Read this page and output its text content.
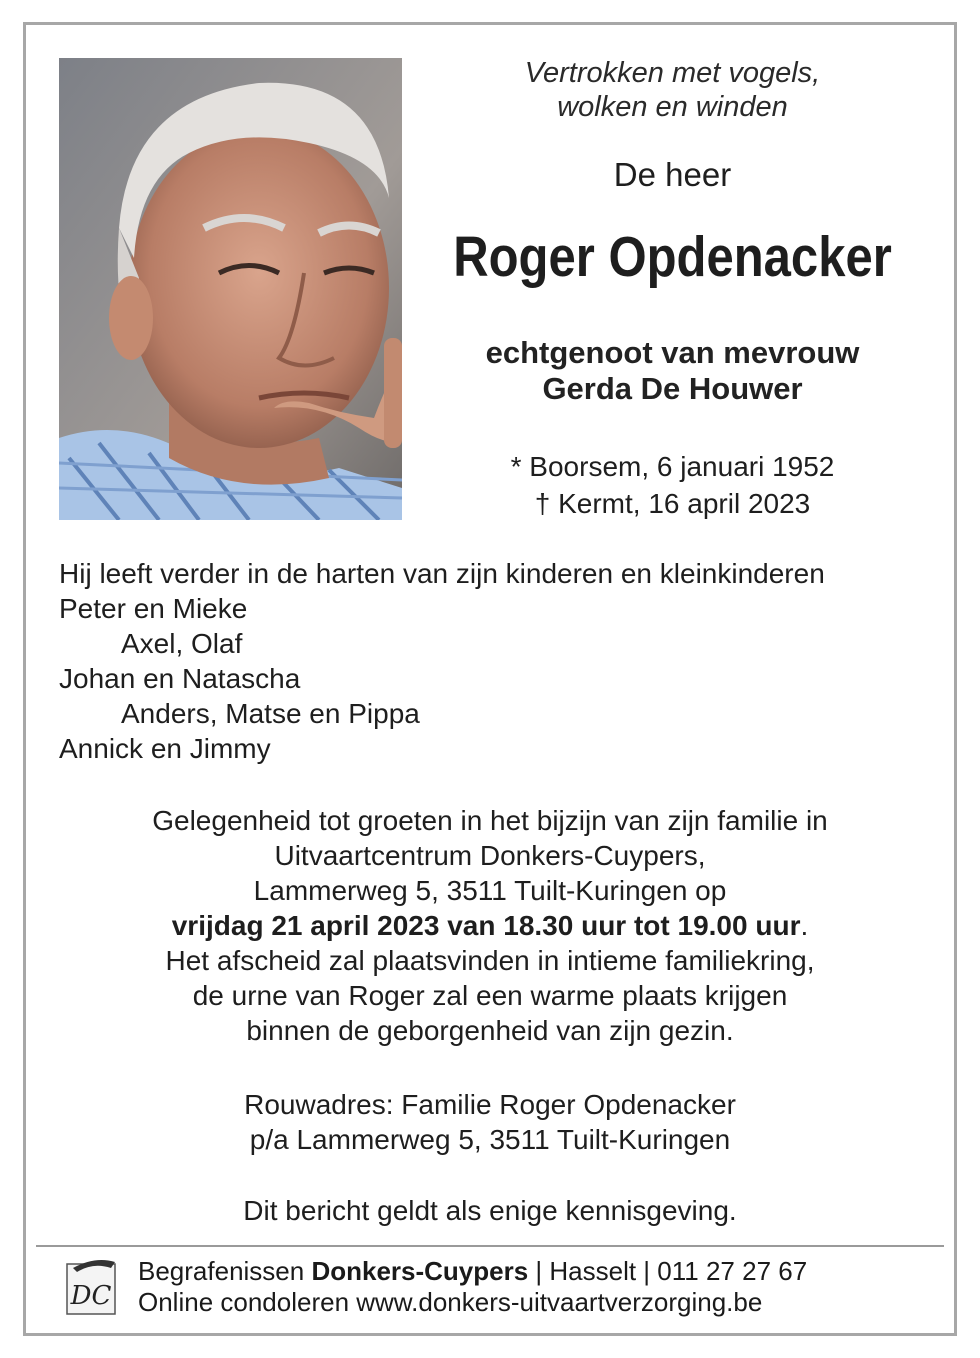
Vertrokken met vogels,
wolken en winden
De heer
Roger Opdenacker
echtgenoot van mevrouw
Gerda De Houwer
* Boorsem, 6 januari 1952
† Kermt, 16 april 2023
Hij leeft verder in de harten van zijn kinderen en kleinkinderen
Peter en Mieke
Axel, Olaf
Johan en Natascha
Anders, Matse en Pippa
Annick en Jimmy
Gelegenheid tot groeten in het bijzijn van zijn familie in
Uitvaartcentrum Donkers-Cuypers,
Lammerweg 5, 3511 Tuilt-Kuringen op
vrijdag 21 april 2023 van 18.30 uur tot 19.00 uur.
Het afscheid zal plaatsvinden in intieme familiekring,
de urne van Roger zal een warme plaats krijgen
binnen de geborgenheid van zijn gezin.
Rouwadres: Familie Roger Opdenacker
p/a Lammerweg 5, 3511 Tuilt-Kuringen
Dit bericht geldt als enige kennisgeving.
DC
Begrafenissen Donkers-Cuypers | Hasselt | 011 27 27 67
Online condoleren www.donkers-uitvaartverzorging.be
